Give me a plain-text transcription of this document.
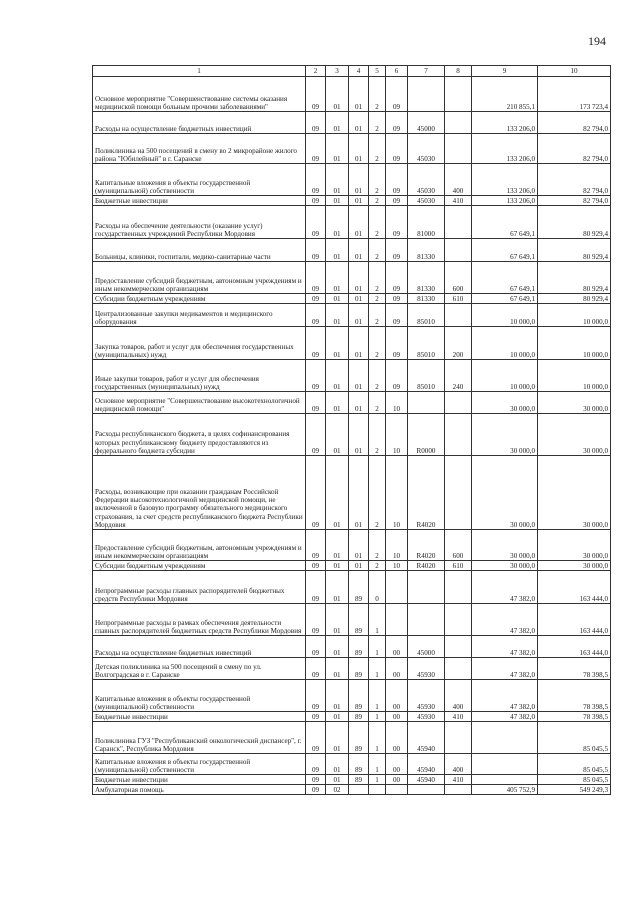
194
1	2	3	4	5	6	7	8	9	10
Основное мероприятие "Совершенствование системы оказания медицинской помощи больным прочими заболеваниями"	09	01	01	2	09			210 855,1	173 723,4
Расходы на осуществление бюджетных инвестиций	09	01	01	2	09	45000		133 206,0	82 794,0
Поликлиника на 500 посещений в смену во 2 микрорайоне жилого района "Юбилейный" в г. Саранске	09	01	01	2	09	45030		133 206,0	82 794,0
Капитальные вложения в объекты государственной (муниципальной) собственности	09	01	01	2	09	45030	400	133 206,0	82 794,0
Бюджетные инвестиции	09	01	01	2	09	45030	410	133 206,0	82 794,0
Расходы на обеспечение деятельности (оказание услуг) государственных учреждений Республики Мордовия	09	01	01	2	09	81000		67 649,1	80 929,4
Больницы, клиники, госпитали, медико-санитарные части	09	01	01	2	09	81330		67 649,1	80 929,4
Предоставление субсидий бюджетным, автономным учреждениям и иным некоммерческим организациям	09	01	01	2	09	81330	600	67 649,1	80 929,4
Субсидии бюджетным учреждениям	09	01	01	2	09	81330	610	67 649,1	80 929,4
Централизованные закупки медикаментов и медицинского оборудования	09	01	01	2	09	85010		10 000,0	10 000,0
Закупка товаров, работ и услуг для обеспечения государственных (муниципальных) нужд	09	01	01	2	09	85010	200	10 000,0	10 000,0
Иные закупки товаров, работ и услуг для обеспечения государственных (муниципальных) нужд	09	01	01	2	09	85010	240	10 000,0	10 000,0
Основное мероприятие "Совершенствование высокотехнологичной медицинской помощи"	09	01	01	2	10			30 000,0	30 000,0
Расходы республиканского бюджета, в целях софинансирования которых республиканскому бюджету предоставляются из федерального бюджета субсидии	09	01	01	2	10	R0000		30 000,0	30 000,0
Расходы, возникающие при оказании гражданам Российской Федерации высокотехнологичной медицинской помощи, не включенной в базовую программу обязательного медицинского страхования, за счет средств республиканского бюджета Республики Мордовия	09	01	01	2	10	R4020		30 000,0	30 000,0
Предоставление субсидий бюджетным, автономным учреждениям и иным некоммерческим организациям	09	01	01	2	10	R4020	600	30 000,0	30 000,0
Субсидии бюджетным учреждениям	09	01	01	2	10	R4020	610	30 000,0	30 000,0
Непрограммные расходы главных распорядителей бюджетных средств Республики Мордовия	09	01	89	0				47 382,0	163 444,0
Непрограммные расходы в рамках обеспечения деятельности главных распорядителей бюджетных средств Республики Мордовия	09	01	89	1				47 382,0	163 444,0
Расходы на осуществление бюджетных инвестиций	09	01	89	1	00	45000		47 382,0	163 444,0
Детская поликлиника на 500 посещений в смену по ул. Волгоградская в г. Саранске	09	01	89	1	00	45930		47 382,0	78 398,5
Капитальные вложения в объекты государственной (муниципальной) собственности	09	01	89	1	00	45930	400	47 382,0	78 398,5
Бюджетные инвестиции	09	01	89	1	00	45930	410	47 382,0	78 398,5
Поликлиника ГУЗ "Республиканский онкологический диспансер", г. Саранск", Республика Мордовия	09	01	89	1	00	45940			85 045,5
Капитальные вложения в объекты государственной (муниципальной) собственности	09	01	89	1	00	45940	400		85 045,5
Бюджетные инвестиции	09	01	89	1	00	45940	410		85 045,5
Амбулаторная помощь	09	02						405 752,9	549 249,3
